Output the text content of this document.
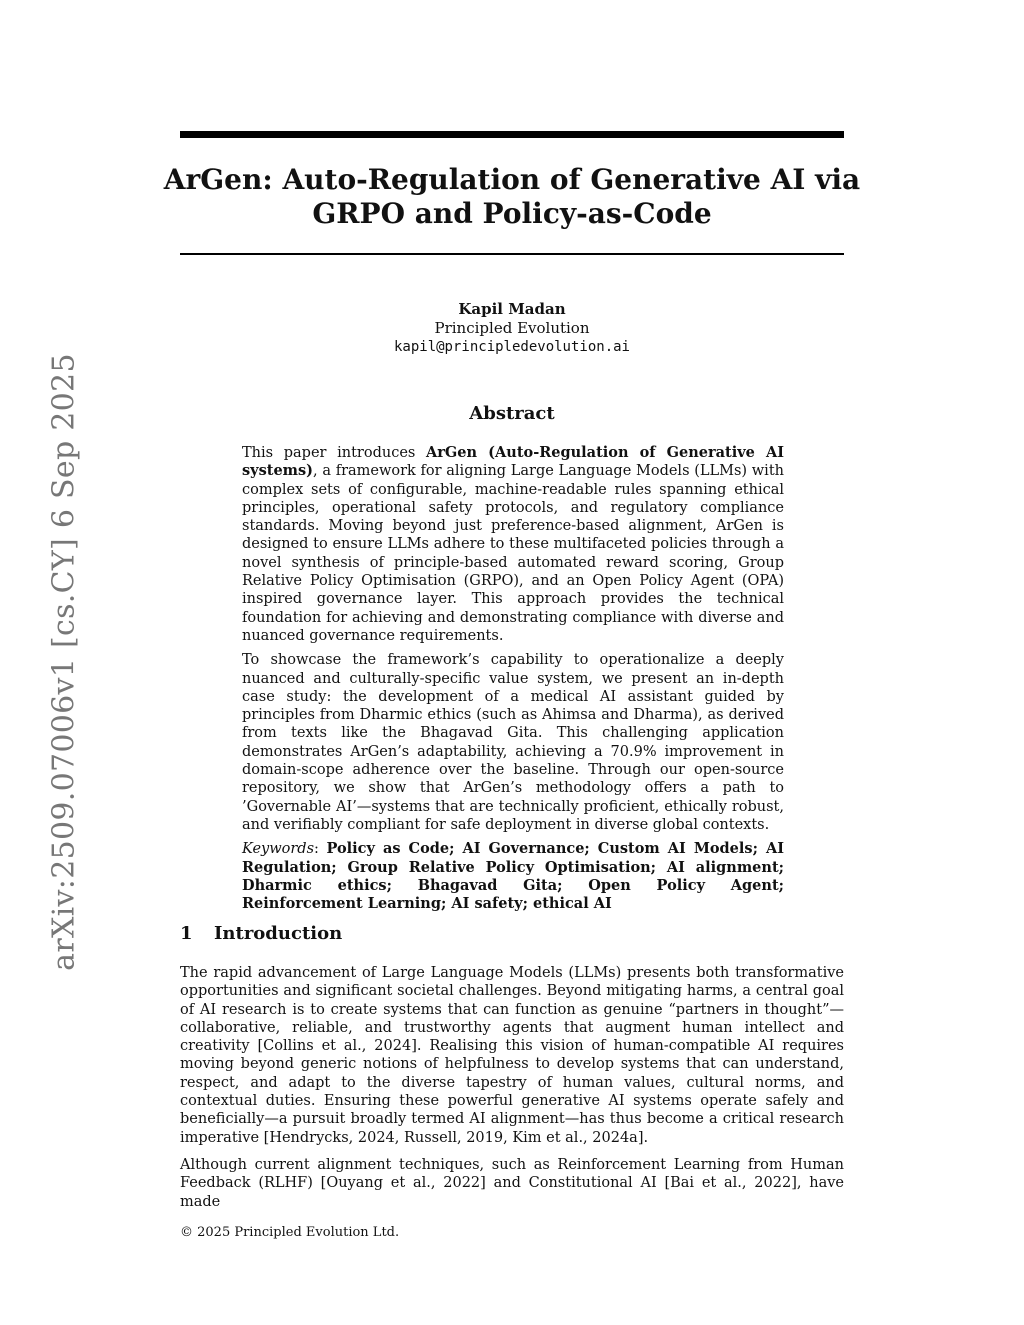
arXiv:2509.07006v1 [cs.CY] 6 Sep 2025
ArGen: Auto-Regulation of Generative AI via
GRPO and Policy-as-Code
Kapil Madan
Principled Evolution
kapil@principledevolution.ai
Abstract

This paper introduces ArGen (Auto-Regulation of Generative AI systems), a framework for aligning Large Language Models (LLMs) with complex sets of configurable, machine-readable rules spanning ethical principles, operational safety protocols, and regulatory compliance standards. Moving beyond just preference-based alignment, ArGen is designed to ensure LLMs adhere to these multifaceted policies through a novel synthesis of principle-based automated reward scoring, Group Relative Policy Optimisation (GRPO), and an Open Policy Agent (OPA) inspired governance layer. This approach provides the technical foundation for achieving and demonstrating compliance with diverse and nuanced governance requirements.

To showcase the framework’s capability to operationalize a deeply nuanced and culturally-specific value system, we present an in-depth case study: the development of a medical AI assistant guided by principles from Dharmic ethics (such as Ahimsa and Dharma), as derived from texts like the Bhagavad Gita. This challenging application demonstrates ArGen’s adaptability, achieving a 70.9% improvement in domain-scope adherence over the baseline. Through our open-source repository, we show that ArGen’s methodology offers a path to ’Governable AI’—systems that are technically proficient, ethically robust, and verifiably compliant for safe deployment in diverse global contexts.

Keywords: Policy as Code; AI Governance; Custom AI Models; AI Regulation; Group Relative Policy Optimisation; AI alignment; Dharmic ethics; Bhagavad Gita; Open Policy Agent; Reinforcement Learning; AI safety; ethical AI

1 Introduction

The rapid advancement of Large Language Models (LLMs) presents both transformative opportunities and significant societal challenges. Beyond mitigating harms, a central goal of AI research is to create systems that can function as genuine “partners in thought”—collaborative, reliable, and trustworthy agents that augment human intellect and creativity [Collins et al., 2024]. Realising this vision of human-compatible AI requires moving beyond generic notions of helpfulness to develop systems that can understand, respect, and adapt to the diverse tapestry of human values, cultural norms, and contextual duties. Ensuring these powerful generative AI systems operate safely and beneficially—a pursuit broadly termed AI alignment—has thus become a critical research imperative [Hendrycks, 2024, Russell, 2019, Kim et al., 2024a].

Although current alignment techniques, such as Reinforcement Learning from Human Feedback (RLHF) [Ouyang et al., 2022] and Constitutional AI [Bai et al., 2022], have made

© 2025 Principled Evolution Ltd.
